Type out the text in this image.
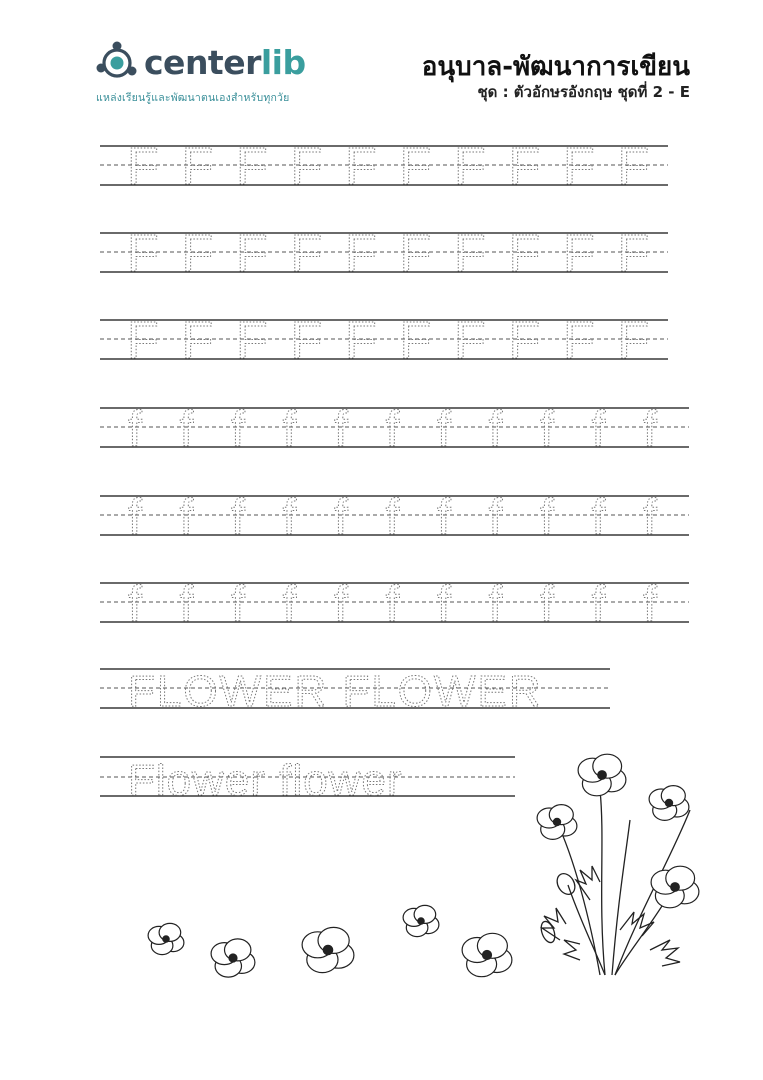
centerlib
แหล่งเรียนรู้และพัฒนาตนเองสำหรับทุกวัย
อนุบาล-พัฒนาการเขียน
ชุด : ตัวอักษรอังกฤษ ชุดที่ 2 - E
F F F F F F F F F F
F F F F F F F F F F
F F F F F F F F F F
f f f f f f f f f f f
f f f f f f f f f f f
f f f f f f f f f f f
FLOWER FLOWER
Flower flower
